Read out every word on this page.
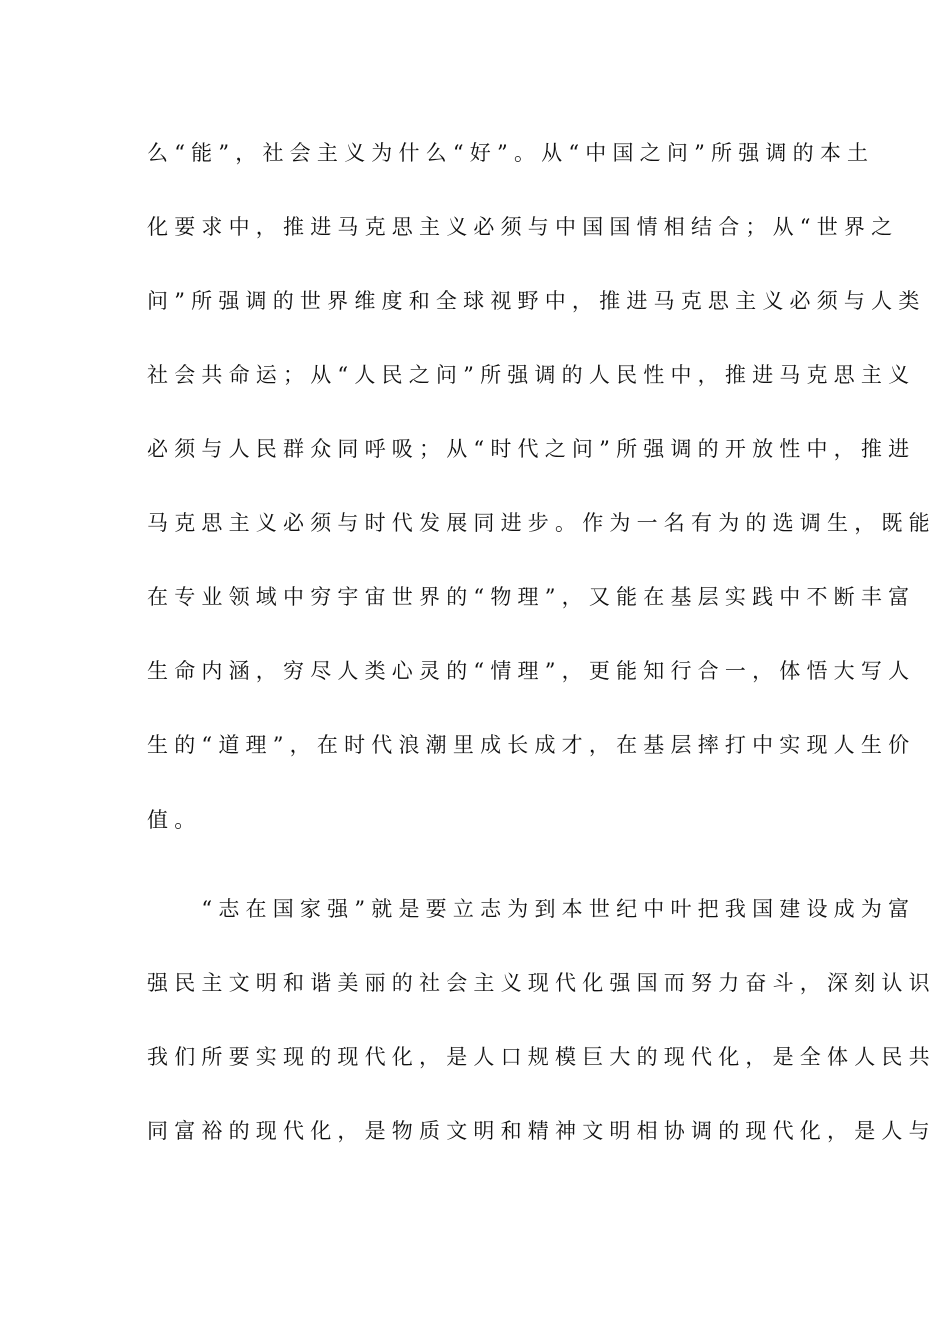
么“能”，社会主义为什么“好”。从“中国之问”所强调的本土
化要求中，推进马克思主义必须与中国国情相结合；从“世界之
问”所强调的世界维度和全球视野中，推进马克思主义必须与人类
社会共命运；从“人民之问”所强调的人民性中，推进马克思主义
必须与人民群众同呼吸；从“时代之问”所强调的开放性中，推进
马克思主义必须与时代发展同进步。作为一名有为的选调生，既能
在专业领域中穷宇宙世界的“物理”，又能在基层实践中不断丰富
生命内涵，穷尽人类心灵的“情理”，更能知行合一，体悟大写人
生的“道理”，在时代浪潮里成长成才，在基层摔打中实现人生价
值。
　　“志在国家强”就是要立志为到本世纪中叶把我国建设成为富
强民主文明和谐美丽的社会主义现代化强国而努力奋斗，深刻认识
我们所要实现的现代化，是人口规模巨大的现代化，是全体人民共
同富裕的现代化，是物质文明和精神文明相协调的现代化，是人与
